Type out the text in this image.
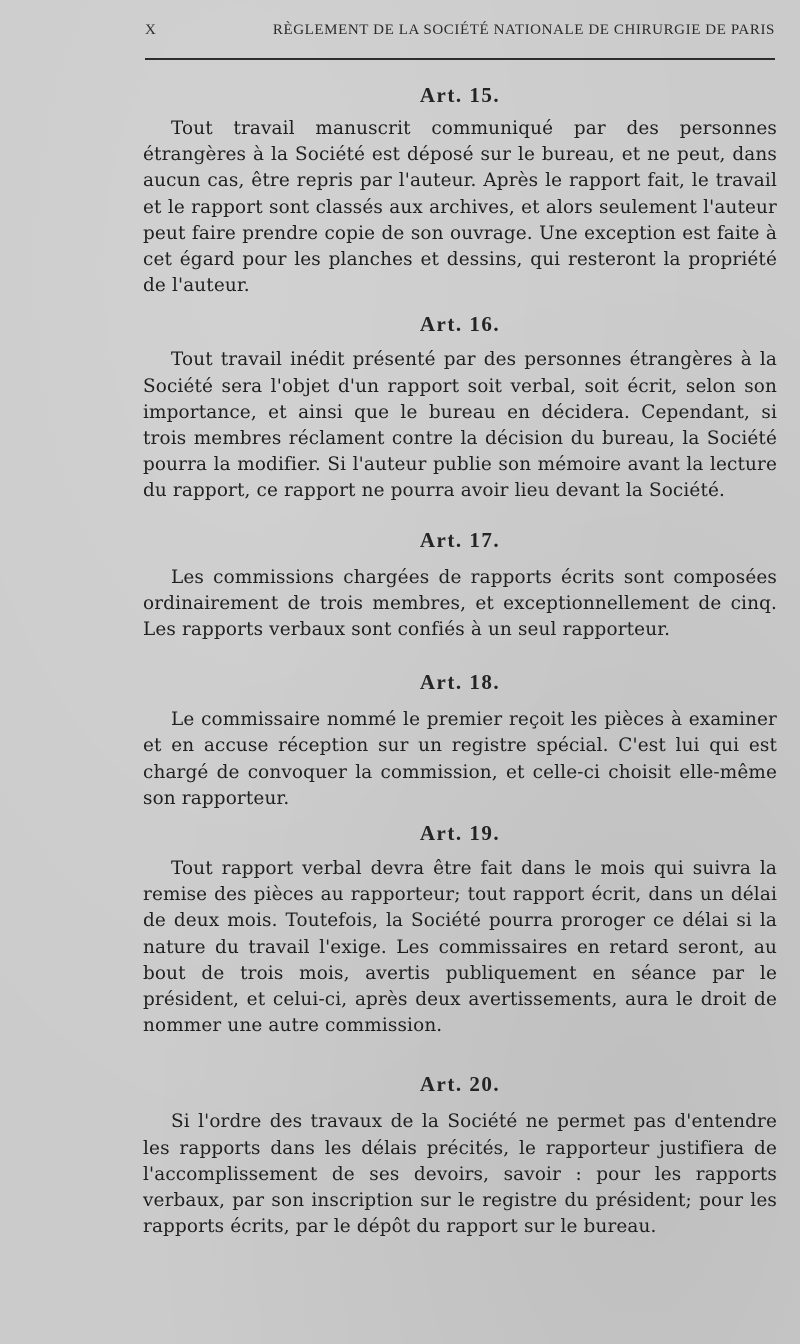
X	RÈGLEMENT DE LA SOCIÉTÉ NATIONALE DE CHIRURGIE DE PARIS
Art. 15.

Tout travail manuscrit communiqué par des personnes étrangères à la Société est déposé sur le bureau, et ne peut, dans aucun cas, être repris par l'auteur. Après le rapport fait, le travail et le rapport sont classés aux archives, et alors seulement l'auteur peut faire prendre copie de son ouvrage. Une exception est faite à cet égard pour les planches et dessins, qui resteront la propriété de l'auteur.

Art. 16.

Tout travail inédit présenté par des personnes étrangères à la Société sera l'objet d'un rapport soit verbal, soit écrit, selon son importance, et ainsi que le bureau en décidera. Cependant, si trois membres réclament contre la décision du bureau, la Société pourra la modifier. Si l'auteur publie son mémoire avant la lecture du rapport, ce rapport ne pourra avoir lieu devant la Société.

Art. 17.

Les commissions chargées de rapports écrits sont composées ordinairement de trois membres, et exceptionnellement de cinq. Les rapports verbaux sont confiés à un seul rapporteur.

Art. 18.

Le commissaire nommé le premier reçoit les pièces à examiner et en accuse réception sur un registre spécial. C'est lui qui est chargé de convoquer la commission, et celle-ci choisit elle-même son rapporteur.

Art. 19.

Tout rapport verbal devra être fait dans le mois qui suivra la remise des pièces au rapporteur; tout rapport écrit, dans un délai de deux mois. Toutefois, la Société pourra proroger ce délai si la nature du travail l'exige. Les commissaires en retard seront, au bout de trois mois, avertis publiquement en séance par le président, et celui-ci, après deux avertissements, aura le droit de nommer une autre commission.

Art. 20.

Si l'ordre des travaux de la Société ne permet pas d'entendre les rapports dans les délais précités, le rapporteur justifiera de l'accomplissement de ses devoirs, savoir : pour les rapports verbaux, par son inscription sur le registre du président; pour les rapports écrits, par le dépôt du rapport sur le bureau.
